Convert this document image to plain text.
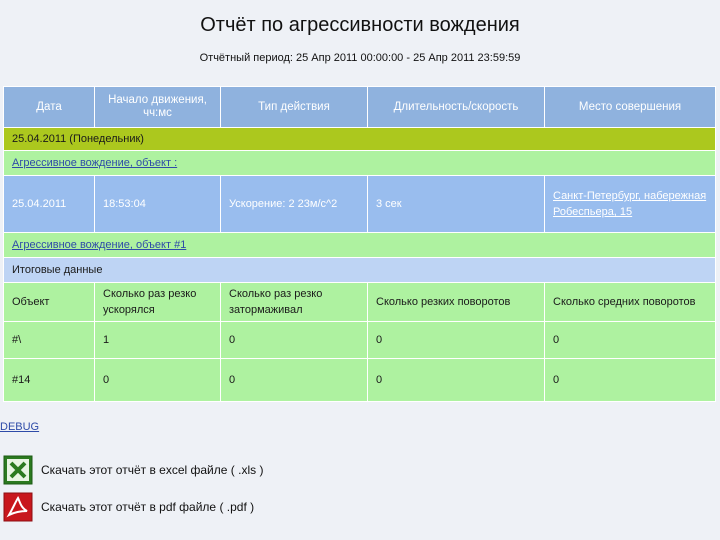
Отчёт по агрессивности вождения
Отчётный период: 25 Апр 2011 00:00:00 - 25 Апр 2011 23:59:59
Дата	Начало движения, чч:мс	Тип действия	Длительность/скорость	Место совершения
25.04.2011 (Понедельник)				
Агрессивное вождение, объект :				
25.04.2011	18:53:04	Ускорение: 2 23м/с^2	3 сек	Санкт-Петербург, набережная Робеспьера, 15
Агрессивное вождение, объект #1				
Итоговые данные				
Объект	Сколько раз резко ускорялся	Сколько раз резко затормаживал	Сколько резких поворотов	Сколько средних поворотов
#\	1	0	0	0
#14	0	0	0	0
DEBUG
Скачать этот отчёт в excel файле ( .xls )
Скачать этот отчёт в pdf файле ( .pdf )
